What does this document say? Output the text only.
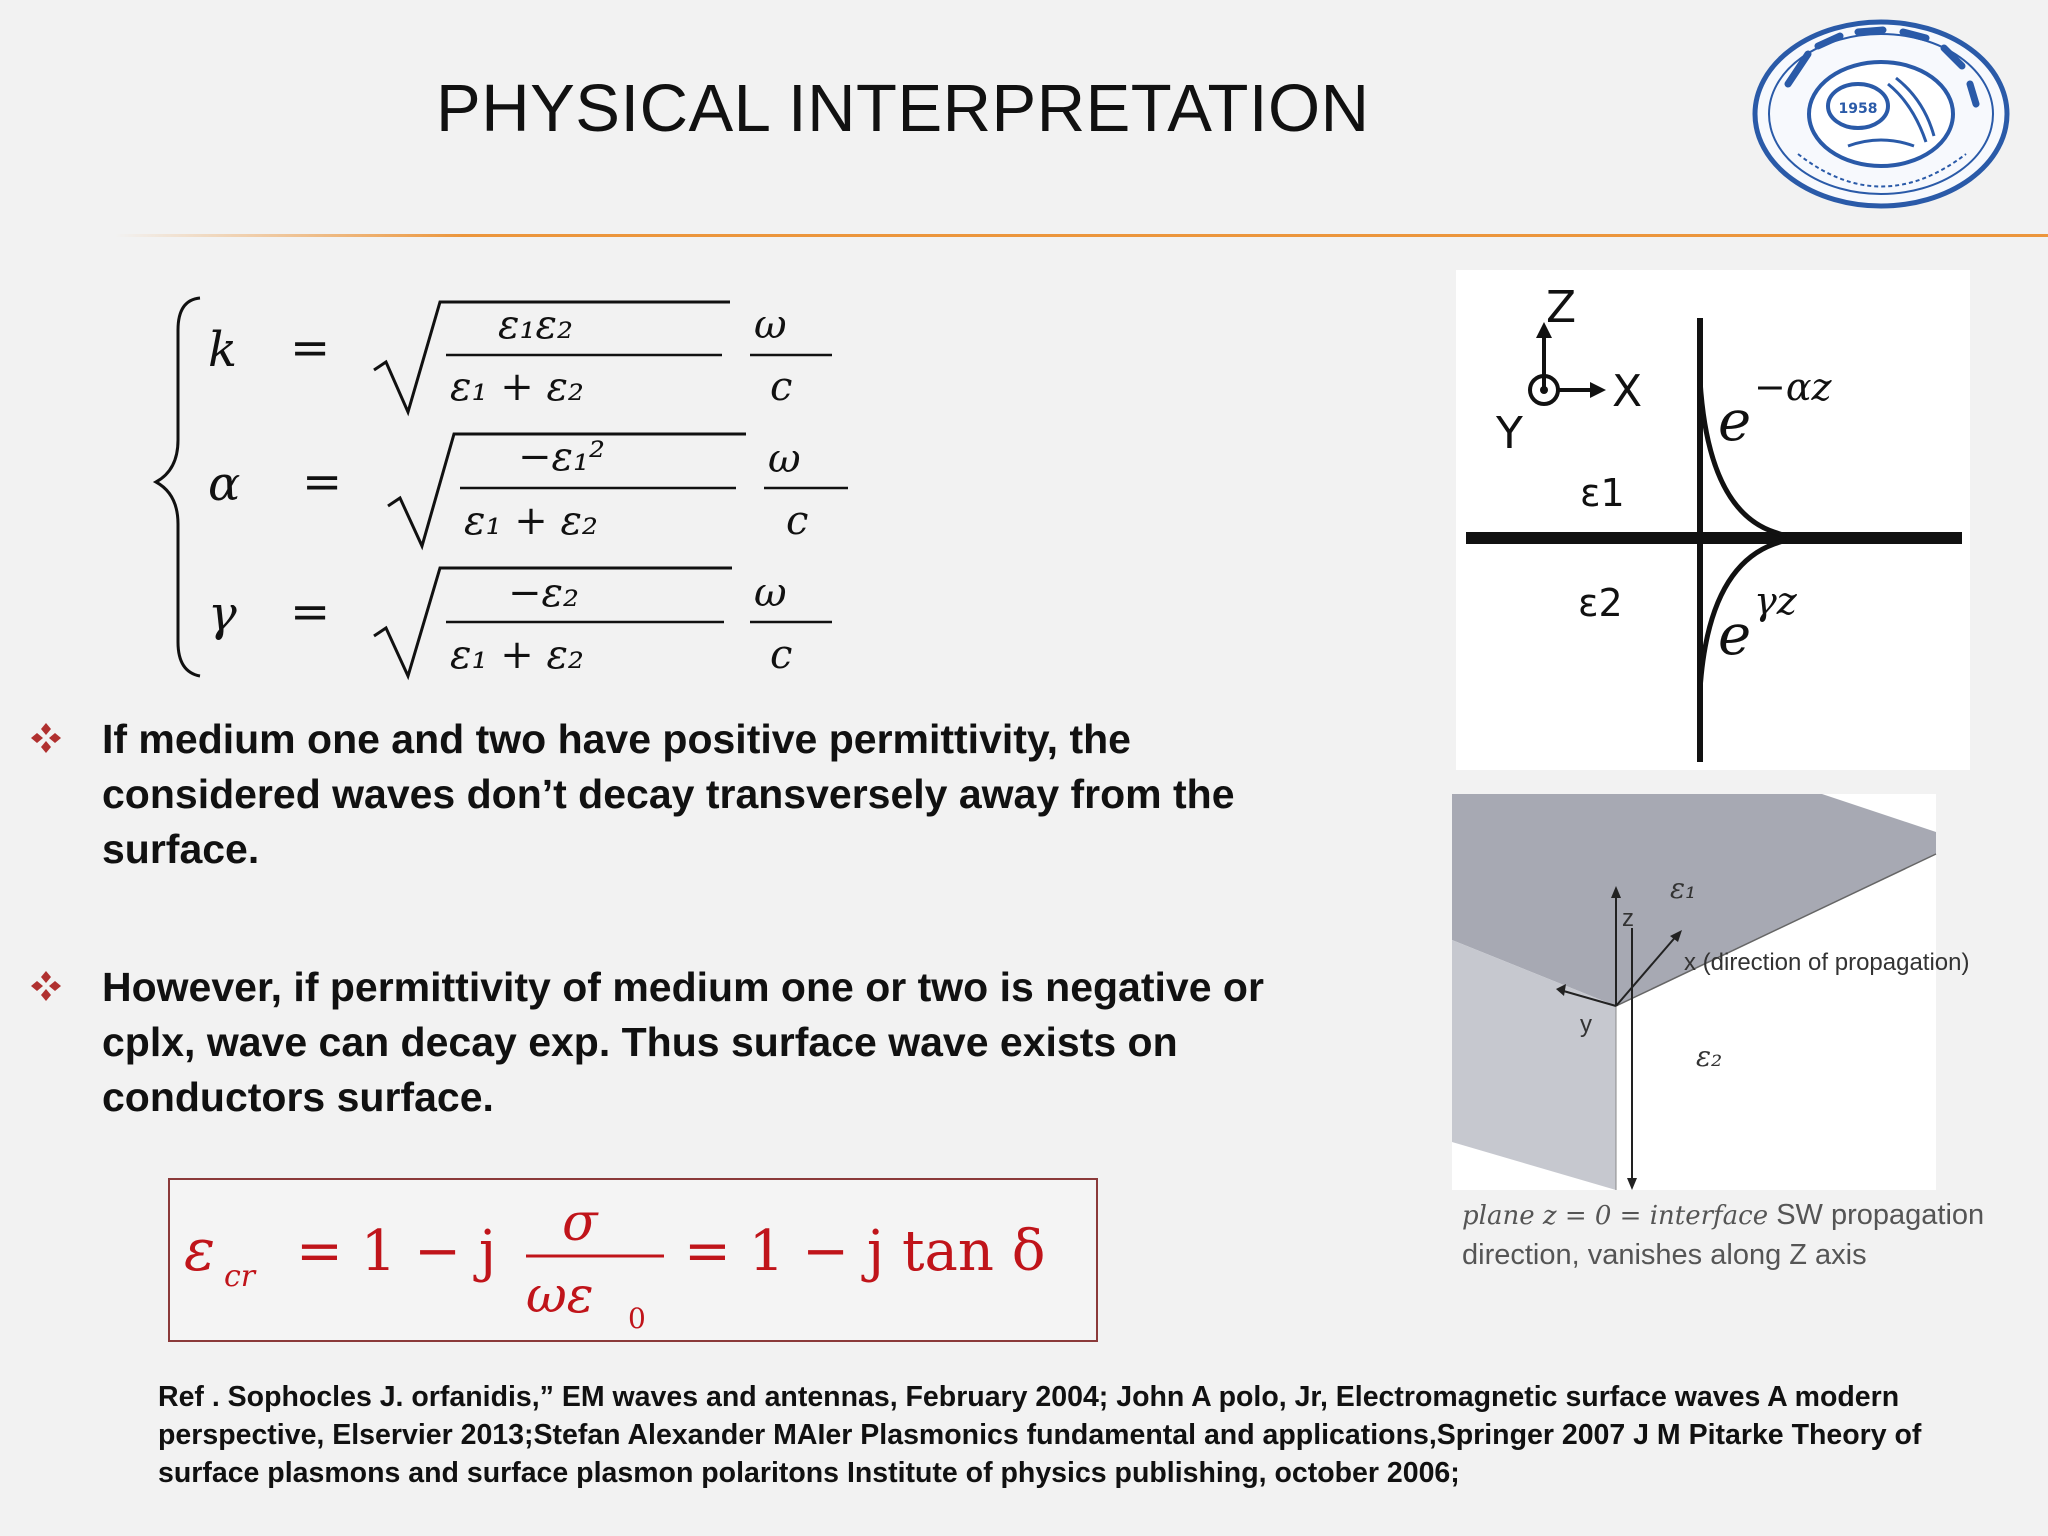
PHYSICAL INTERPRETATION	1958
k =	ε₁ε₂
ε₁ + ε₂
ω
c
α =	−ε₁²
ε₁ + ε₂
ω
c
γ =	−ε₂
ε₁ + ε₂
ω
c
If medium one and two have positive permittivity, the considered waves don’t decay transversely away from the surface.
However, if permittivity of medium one or two is negative or cplx, wave can decay exp. Thus surface wave exists on conductors surface.
ε cr = 1 − j σ
ωε 0
= 1 − j tan δ
Z
X
Y
ε1
ε2
e
−αz
e
γz
z
y
x (direction of propagation)
ε₁
ε₂
plane z = 0 = interface SW propagation direction, vanishes along Z axis
Ref . Sophocles J. orfanidis,” EM waves and antennas, February 2004; John A polo, Jr, Electromagnetic surface waves A modern perspective, Elservier 2013;Stefan Alexander MAIer Plasmonics fundamental and applications,Springer 2007 J M Pitarke Theory of surface plasmons and surface plasmon polaritons Institute of physics publishing, october 2006;
